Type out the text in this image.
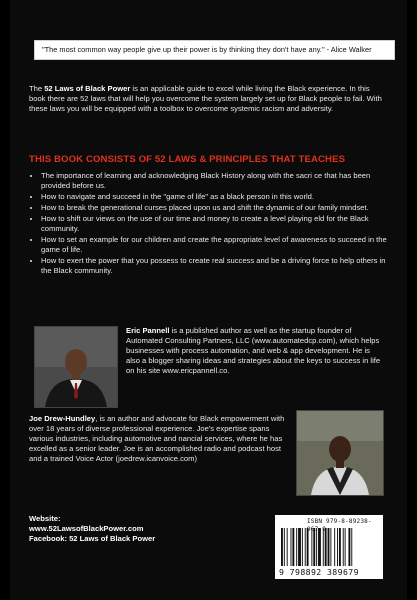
"The most common way people give up their power is by thinking they don't have any." - Alice Walker
The 52 Laws of Black Power is an applicable guide to excel while living the Black experience. In this book there are 52 laws that will help you overcome the system largely set up for Black people to fail. With these laws you will be equipped with a toolbox to overcome systemic racism and adversity.
THIS BOOK CONSISTS OF 52 LAWS & PRINCIPLES THAT TEACHES
• The importance of learning and acknowledging Black History along with the sacri ce that has been provided before us.
• How to navigate and succeed in the "game of life" as a black person in this world.
• How to break the generational curses placed upon us and shift the dynamic of our family mindset.
• How to shift our views on the use of our time and money to create a level playing eld for the Black community.
• How to set an example for our children and create the appropriate level of awareness to succeed in the game of life.
• How to exert the power that you possess to create real success and be a driving force to help others in the Black community.
Eric Pannell is a published author as well as the startup founder of Automated Consulting Partners, LLC (www.automatedcp.com), which helps businesses with process automation, and web & app development. He is also a blogger sharing ideas and strategies about the keys to success in life on his site www.ericpannell.co.
Joe Drew-Hundley, is an author and advocate for Black empowerment with over 18 years of diverse professional experience. Joe's expertise spans various industries, including automotive and nancial services, where he has excelled as a senior leader. Joe is an accomplished radio and podcast host and a trained Voice Actor (joedrew.icanvoice.com)
Website:
www.52LawsofBlackPower.com
Facebook: 52 Laws of Black Power
ISBN 979-8-89238-96 -9
9 798892 389679
